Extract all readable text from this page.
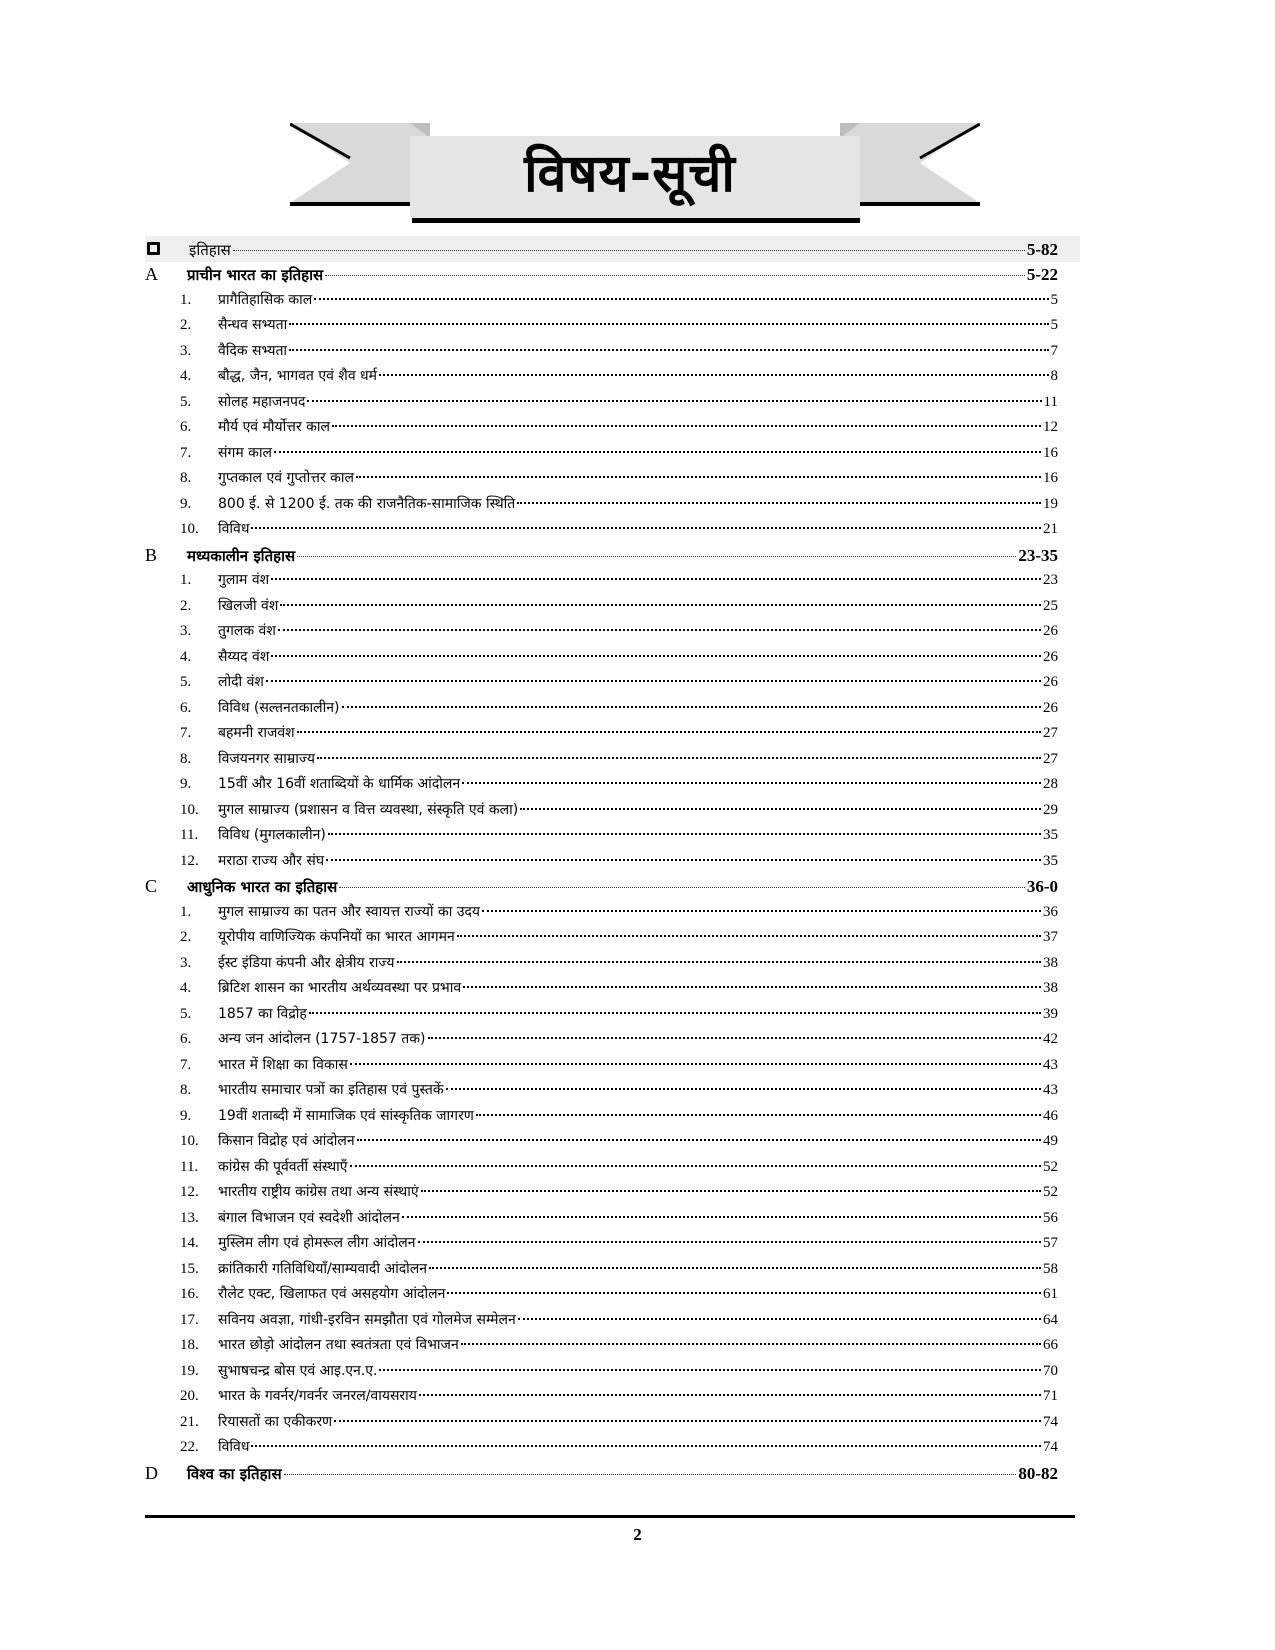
विषय-सूची
इतिहास	5-82
A	प्राचीन भारत का इतिहास	5-22
1.	प्रागैतिहासिक काल	5
2.	सैन्धव सभ्यता	5
3.	वैदिक सभ्यता	7
4.	बौद्ध, जैन, भागवत एवं शैव धर्म	8
5.	सोलह महाजनपद	11
6.	मौर्य एवं मौर्योत्तर काल	12
7.	संगम काल	16
8.	गुप्तकाल एवं गुप्तोत्तर काल	16
9.	800 ई. से 1200 ई. तक की राजनैतिक-सामाजिक स्थिति	19
10.	विविध	21
B	मध्यकालीन इतिहास	23-35
1.	गुलाम वंश	23
2.	खिलजी वंश	25
3.	तुगलक वंश	26
4.	सैय्यद वंश	26
5.	लोदी वंश	26
6.	विविध (सल्तनतकालीन)	26
7.	बहमनी राजवंश	27
8.	विजयनगर साम्राज्य	27
9.	15वीं और 16वीं शताब्दियों के धार्मिक आंदोलन	28
10.	मुगल साम्राज्य (प्रशासन व वित्त व्यवस्था, संस्कृति एवं कला)	29
11.	विविध (मुगलकालीन)	35
12.	मराठा राज्य और संघ	35
C	आधुनिक भारत का इतिहास	36-0
1.	मुगल साम्राज्य का पतन और स्वायत्त राज्यों का उदय	36
2.	यूरोपीय वाणिज्यिक कंपनियों का भारत आगमन	37
3.	ईस्ट इंडिया कंपनी और क्षेत्रीय राज्य	38
4.	ब्रिटिश शासन का भारतीय अर्थव्यवस्था पर प्रभाव	38
5.	1857 का विद्रोह	39
6.	अन्य जन आंदोलन (1757-1857 तक)	42
7.	भारत में शिक्षा का विकास	43
8.	भारतीय समाचार पत्रों का इतिहास एवं पुस्तकें	43
9.	19वीं शताब्दी में सामाजिक एवं सांस्कृतिक जागरण	46
10.	किसान विद्रोह एवं आंदोलन	49
11.	कांग्रेस की पूर्ववर्ती संस्थाएँ	52
12.	भारतीय राष्ट्रीय कांग्रेस तथा अन्य संस्थाएं	52
13.	बंगाल विभाजन एवं स्वदेशी आंदोलन	56
14.	मुस्लिम लीग एवं होमरूल लीग आंदोलन	57
15.	क्रांतिकारी गतिविधियाँ/साम्यवादी आंदोलन	58
16.	रौलेट एक्ट, खिलाफत एवं असहयोग आंदोलन	61
17.	सविनय अवज्ञा, गांधी-इरविन समझौता एवं गोलमेज सम्मेलन	64
18.	भारत छोड़ो आंदोलन तथा स्वतंत्रता एवं विभाजन	66
19.	सुभाषचन्द्र बोस एवं आइ.एन.ए.	70
20.	भारत के गवर्नर/गवर्नर जनरल/वायसराय	71
21.	रियासतों का एकीकरण	74
22.	विविध	74
D	विश्व का इतिहास	80-82
2
